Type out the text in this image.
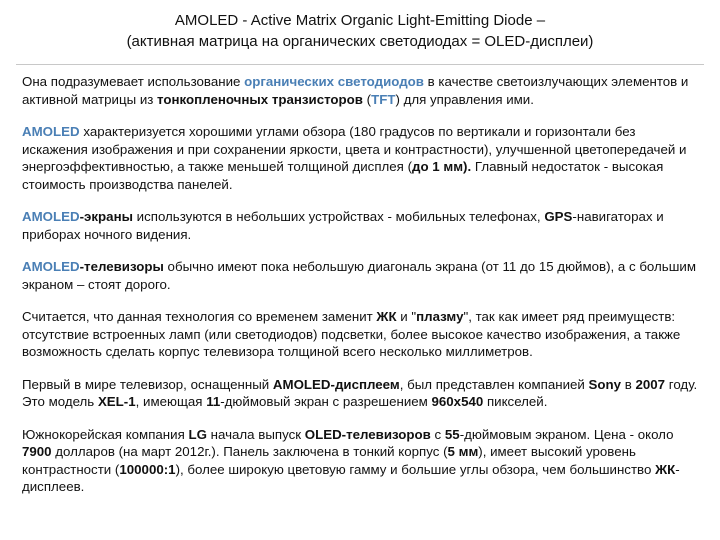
AMOLED - Active Matrix Organic Light-Emitting Diode –
(активная матрица на органических светодиодах = OLED-дисплеи)

Она подразумевает использование органических светодиодов в качестве светоизлучающих элементов и активной матрицы из тонкопленочных транзисторов (TFT) для управления ими.

AMOLED характеризуется хорошими углами обзора (180 градусов по вертикали и горизонтали без искажения изображения и при сохранении яркости, цвета и контрастности), улучшенной цветопередачей и энергоэффективностью, а также меньшей толщиной дисплея (до 1 мм). Главный недостаток - высокая стоимость производства панелей.

AMOLED-экраны используются в небольших устройствах - мобильных телефонах, GPS-навигаторах и приборах ночного видения.

AMOLED-телевизоры обычно имеют пока небольшую диагональ экрана (от 11 до 15 дюймов), а с большим экраном – стоят дорого.

Считается, что данная технология со временем заменит ЖК и "плазму", так как имеет ряд преимуществ: отсутствие встроенных ламп (или светодиодов) подсветки, более высокое качество изображения, а также возможность сделать корпус телевизора толщиной всего несколько миллиметров.

Первый в мире телевизор, оснащенный AMOLED-дисплеем, был представлен компанией Sony в 2007 году. Это модель XEL-1, имеющая 11-дюймовый экран с разрешением 960x540 пикселей.

Южнокорейская компания LG начала выпуск OLED-телевизоров с 55-дюймовым экраном. Цена - около 7900 долларов (на март 2012г.). Панель заключена в тонкий корпус (5 мм), имеет высокий уровень контрастности (100000:1), более широкую цветовую гамму и большие углы обзора, чем большинство ЖК-дисплеев.
